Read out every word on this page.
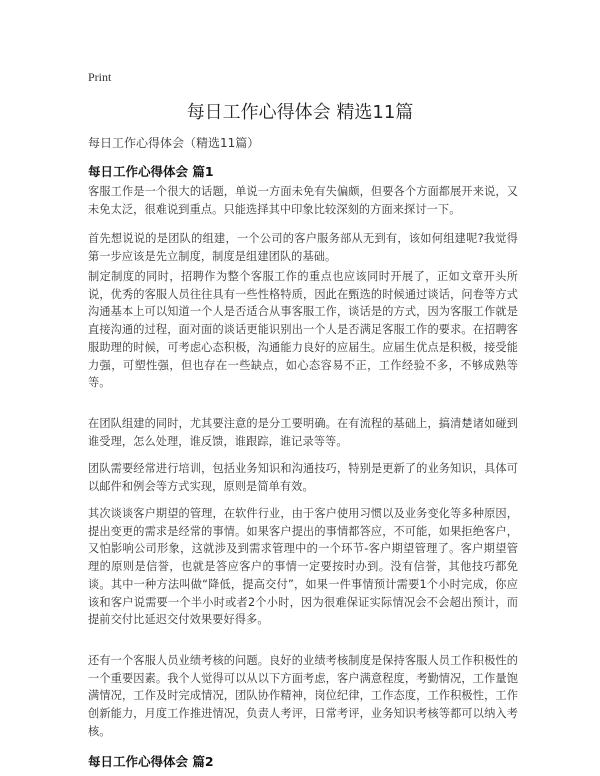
Print
每日工作心得体会 精选11篇
每日工作心得体会（精选11篇）
每日工作心得体会 篇1
客服工作是一个很大的话题，单说一方面未免有失偏颇，但要各个方面都展开来说，又未免太泛，很难说到重点。只能选择其中印象比较深刻的方面来探讨一下。
首先想说说的是团队的组建，一个公司的客户服务部从无到有，该如何组建呢?我觉得第一步应该是先立制度，制度是组建团队的基础。
制定制度的同时，招聘作为整个客服工作的重点也应该同时开展了，正如文章开头所说，优秀的客服人员往往具有一些性格特质，因此在甄选的时候通过谈话，问卷等方式沟通基本上可以知道一个人是否适合从事客服工作，谈话是的方式，因为客服工作就是直接沟通的过程，面对面的谈话更能识别出一个人是否满足客服工作的要求。在招聘客服助理的时候，可考虑心态积极，沟通能力良好的应届生。应届生优点是积极，接受能力强，可塑性强，但也存在一些缺点，如心态容易不正，工作经验不多，不够成熟等等。
在团队组建的同时，尤其要注意的是分工要明确。在有流程的基础上，搞清楚诸如碰到谁受理，怎么处理，谁反馈，谁跟踪，谁记录等等。
团队需要经常进行培训，包括业务知识和沟通技巧，特别是更新了的业务知识，具体可以邮件和例会等方式实现，原则是简单有效。
其次谈谈客户期望的管理，在软件行业，由于客户使用习惯以及业务变化等多种原因，提出变更的需求是经常的事情。如果客户提出的事情都答应，不可能，如果拒绝客户，又怕影响公司形象，这就涉及到需求管理中的一个环节-客户期望管理了。客户期望管理的原则是信誉，也就是答应客户的事情一定要按时办到。没有信誉，其他技巧都免谈。其中一种方法叫做“降低，提高交付”，如果一件事情预计需要1个小时完成，你应该和客户说需要一个半小时或者2个小时，因为很难保证实际情况会不会超出预计，而提前交付比延迟交付效果要好得多。
还有一个客服人员业绩考核的问题。良好的业绩考核制度是保持客服人员工作积极性的一个重要因素。我个人觉得可以从以下方面考虑，客户满意程度，考勤情况，工作量饱满情况，工作及时完成情况，团队协作精神，岗位纪律，工作态度，工作积极性，工作创新能力，月度工作推进情况，负责人考评，日常考评，业务知识考核等都可以纳入考核。
每日工作心得体会 篇2
